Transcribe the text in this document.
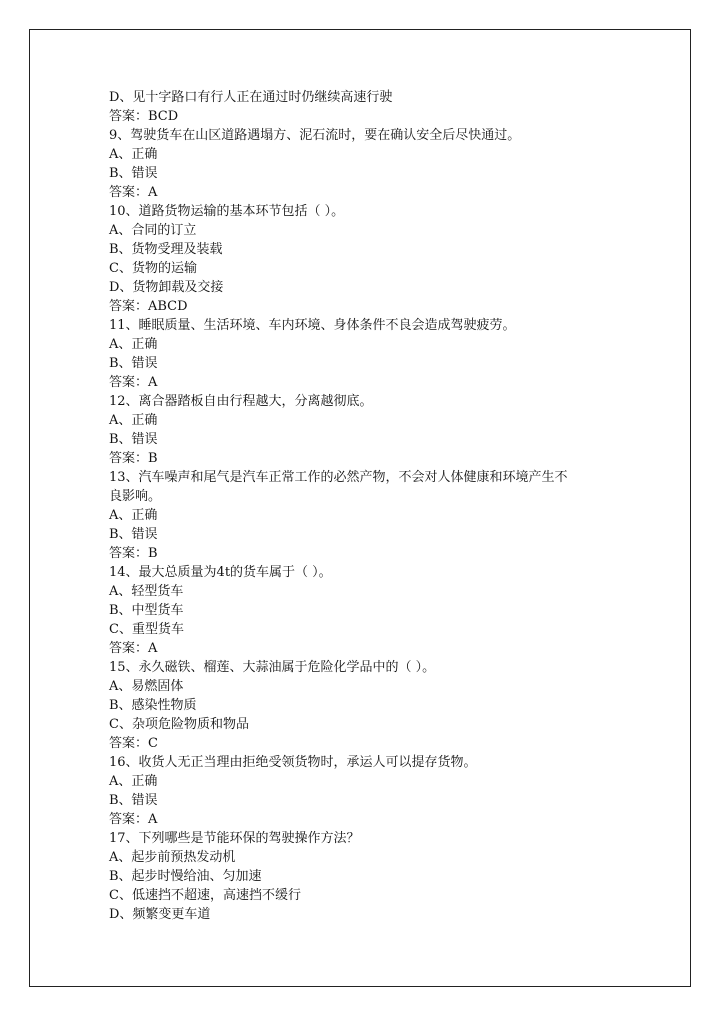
D、见十字路口有行人正在通过时仍继续高速行驶
答案：BCD
9、驾驶货车在山区道路遇塌方、泥石流时，要在确认安全后尽快通过。
A、正确
B、错误
答案：A
10、道路货物运输的基本环节包括（ ）。
A、合同的订立
B、货物受理及装载
C、货物的运输
D、货物卸载及交接
答案：ABCD
11、睡眠质量、生活环境、车内环境、身体条件不良会造成驾驶疲劳。
A、正确
B、错误
答案：A
12、离合器踏板自由行程越大，分离越彻底。
A、正确
B、错误
答案：B
13、汽车噪声和尾气是汽车正常工作的必然产物，不会对人体健康和环境产生不
良影响。
A、正确
B、错误
答案：B
14、最大总质量为4t的货车属于（ ）。
A、轻型货车
B、中型货车
C、重型货车
答案：A
15、永久磁铁、榴莲、大蒜油属于危险化学品中的（ ）。
A、易燃固体
B、感染性物质
C、杂项危险物质和物品
答案：C
16、收货人无正当理由拒绝受领货物时，承运人可以提存货物。
A、正确
B、错误
答案：A
17、下列哪些是节能环保的驾驶操作方法？
A、起步前预热发动机
B、起步时慢给油、匀加速
C、低速挡不超速，高速挡不缓行
D、频繁变更车道
